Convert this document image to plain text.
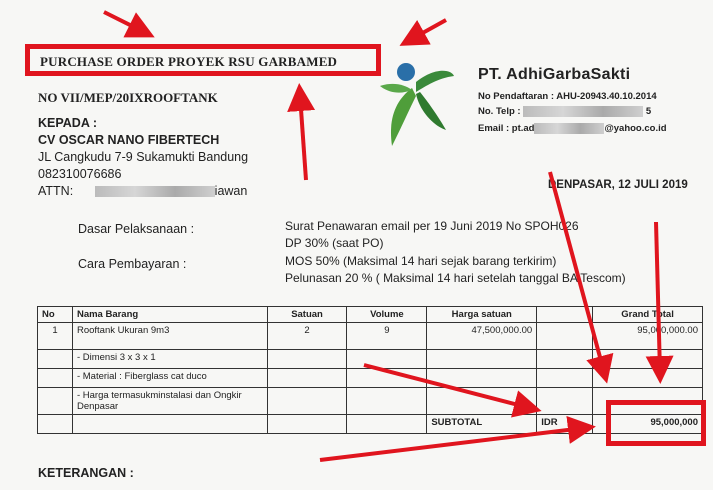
PURCHASE ORDER PROYEK RSU GARBAMED
NO VII/MEP/20IXROOFTANK
PT. AdhiGarbaSakti
No Pendaftaran : AHU-20943.40.10.2014
No. Telp :	5
Email : pt.ad	@yahoo.co.id
KEPADA :
CV OSCAR NANO FIBERTECH
JL Cangkudu 7-9 Sukamukti Bandung
082310076686
ATTN:	iawan	DENPASAR, 12 JULI 2019
Dasar Pelaksanaan :	Surat Penawaran email per 19 Juni 2019 No SPOH026
DP 30% (saat PO)
Cara Pembayaran :	MOS 50% (Maksimal 14 hari sejak barang terkirim)
Pelunasan 20 % ( Maksimal 14 hari setelah tanggal BA Tescom)
No	Nama Barang	Satuan	Volume	Harga satuan		Grand Total
1	Rooftank Ukuran 9m3	2	9	47,500,000.00		95,000,000.00
	- Dimensi 3 x 3 x 1					
	- Material : Fiberglass cat duco					
	- Harga termasukminstalasi dan Ongkir Denpasar					
				SUBTOTAL	IDR	95,000,000
KETERANGAN :
